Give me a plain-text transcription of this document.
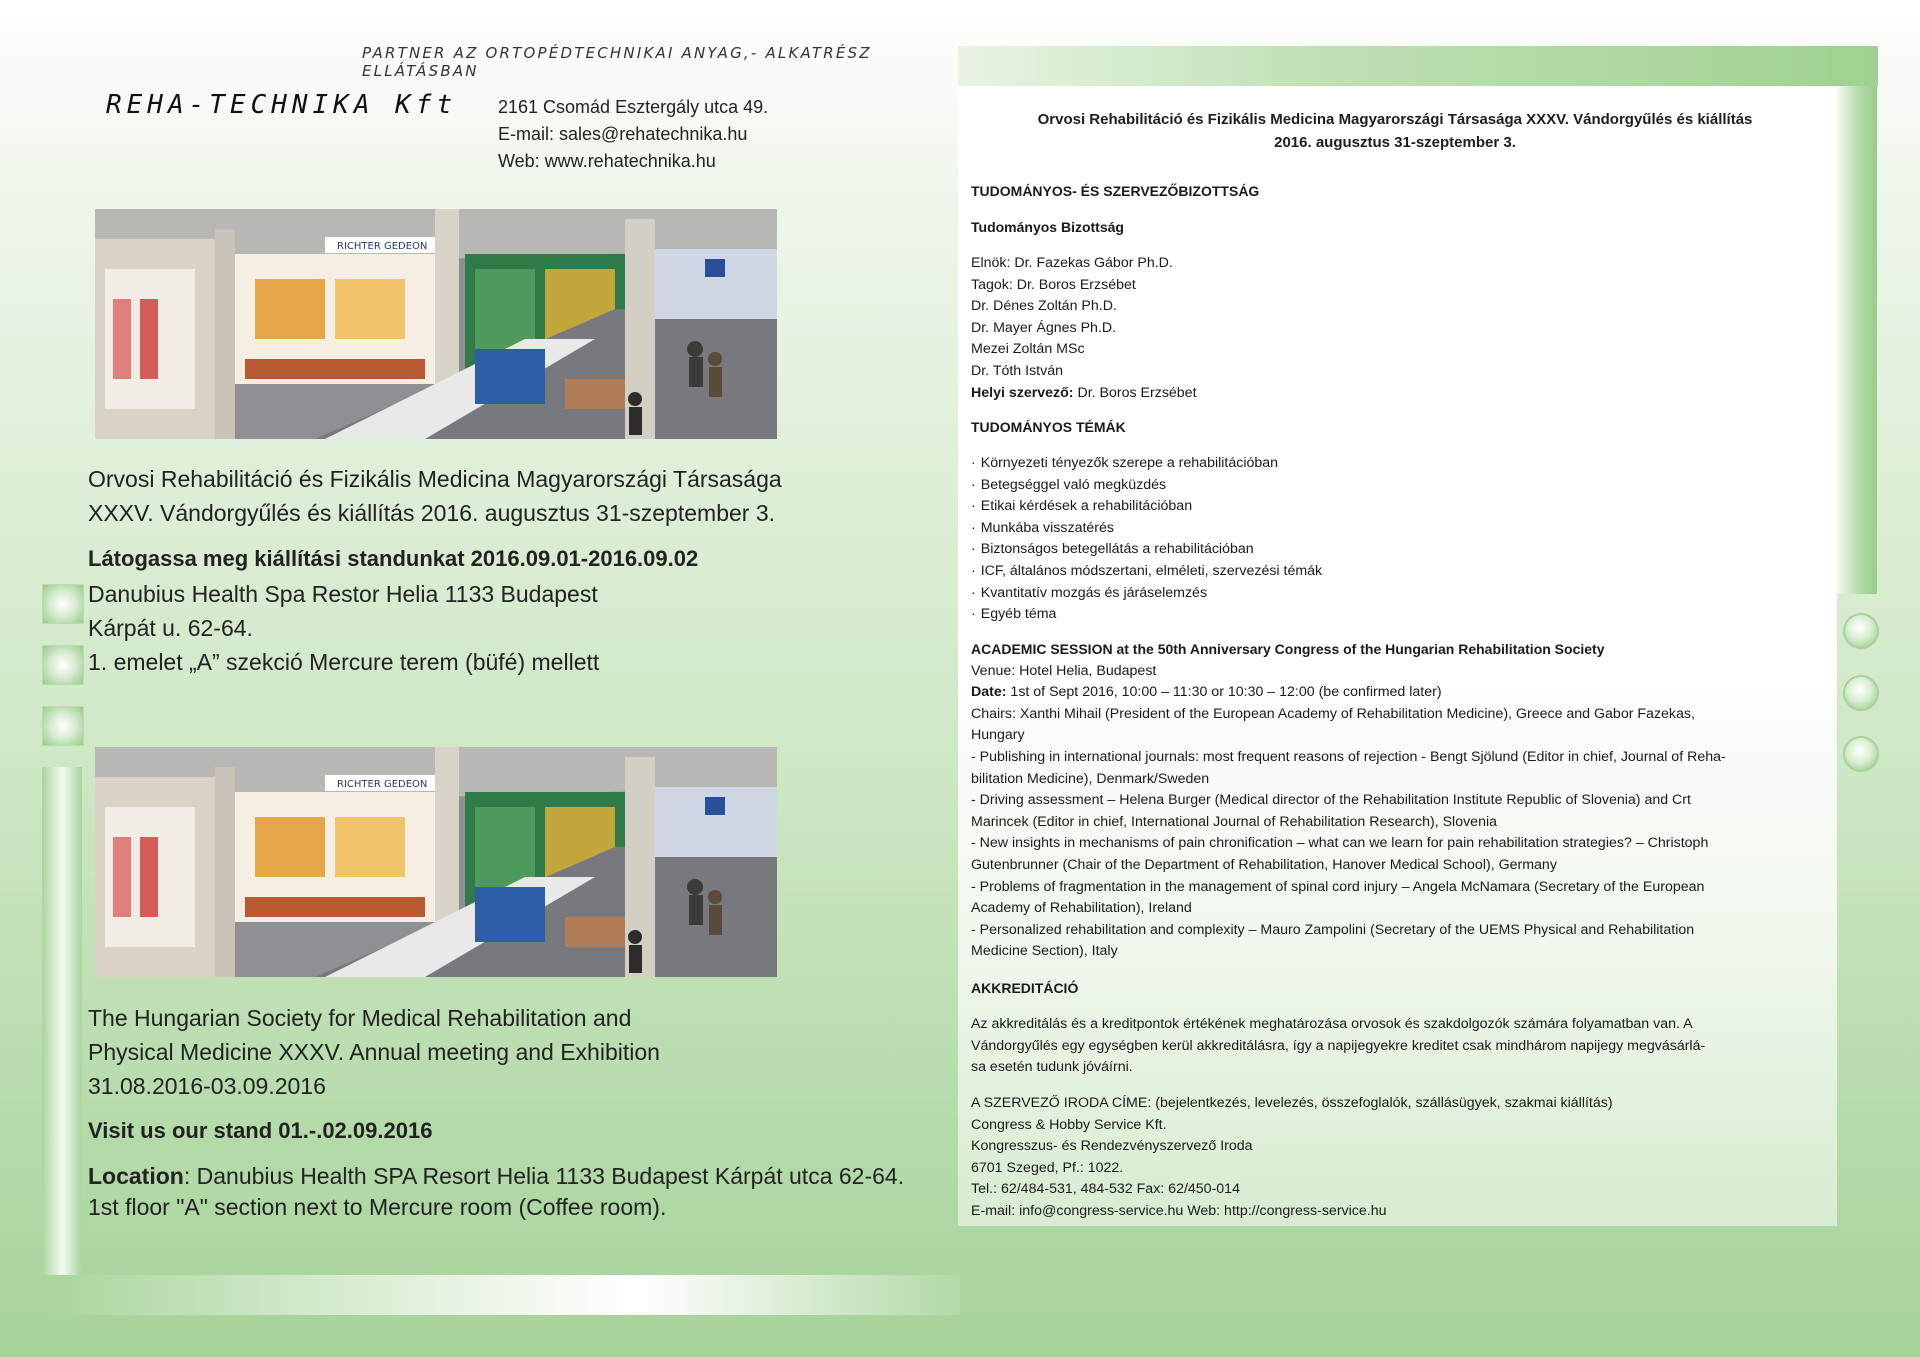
PARTNER AZ ORTOPÉDTECHNIKAI ANYAG,- ALKATRÉSZ ELLÁTÁSBAN
REHA-TECHNIKA Kft 2161 Csomád Esztergály utca 49.
E-mail: sales@rehatechnika.hu
Web: www.rehatechnika.hu
RICHTER GEDEON
Orvosi Rehabilitáció és Fizikális Medicina Magyarországi Társasága
XXXV. Vándorgyűlés és kiállítás 2016. augusztus 31-szeptember 3.
Látogassa meg kiállítási standunkat 2016.09.01-2016.09.02
Danubius Health Spa Restor Helia 1133 Budapest
Kárpát u. 62-64.
1. emelet „A” szekció Mercure terem (büfé) mellett
RICHTER GEDEON
The Hungarian Society for Medical Rehabilitation and
Physical Medicine XXXV. Annual meeting and Exhibition
31.08.2016-03.09.2016
Visit us our stand 01.-.02.09.2016
Location: Danubius Health SPA Resort Helia 1133 Budapest Kárpát utca 62-64.
1st floor "A" section next to Mercure room (Coffee room).
Orvosi Rehabilitáció és Fizikális Medicina Magyarországi Társasága XXXV. Vándorgyűlés és kiállítás
2016. augusztus 31-szeptember 3.
TUDOMÁNYOS- ÉS SZERVEZŐBIZOTTSÁG
Tudományos Bizottság
Elnök: Dr. Fazekas Gábor Ph.D.
Tagok: Dr. Boros Erzsébet
Dr. Dénes Zoltán Ph.D.
Dr. Mayer Ágnes Ph.D.
Mezei Zoltán MSc
Dr. Tóth István
Helyi szervező: Dr. Boros Erzsébet
TUDOMÁNYOS TÉMÁK
· Környezeti tényezők szerepe a rehabilitációban
· Betegséggel való megküzdés
· Etikai kérdések a rehabilitációban
· Munkába visszatérés
· Biztonságos betegellátás a rehabilitációban
· ICF, általános módszertani, elméleti, szervezési témák
· Kvantitatív mozgás és járáselemzés
· Egyéb téma
ACADEMIC SESSION at the 50th Anniversary Congress of the Hungarian Rehabilitation Society
Venue: Hotel Helia, Budapest
Date: 1st of Sept 2016, 10:00 – 11:30 or 10:30 – 12:00 (be confirmed later)
Chairs: Xanthi Mihail (President of the European Academy of Rehabilitation Medicine), Greece and Gabor Fazekas,
Hungary
- Publishing in international journals: most frequent reasons of rejection - Bengt Sjölund (Editor in chief, Journal of Reha-
bilitation Medicine), Denmark/Sweden
- Driving assessment – Helena Burger (Medical director of the Rehabilitation Institute Republic of Slovenia) and Crt
Marincek (Editor in chief, International Journal of Rehabilitation Research), Slovenia
- New insights in mechanisms of pain chronification – what can we learn for pain rehabilitation strategies? – Christoph
Gutenbrunner (Chair of the Department of Rehabilitation, Hanover Medical School), Germany
- Problems of fragmentation in the management of spinal cord injury – Angela McNamara (Secretary of the European
Academy of Rehabilitation), Ireland
- Personalized rehabilitation and complexity – Mauro Zampolini (Secretary of the UEMS Physical and Rehabilitation
Medicine Section), Italy
AKKREDITÁCIÓ
Az akkreditálás és a kreditpontok értékének meghatározása orvosok és szakdolgozók számára folyamatban van. A
Vándorgyűlés egy egységben kerül akkreditálásra, így a napijegyekre kreditet csak mindhárom napijegy megvásárlá-
sa esetén tudunk jóváírni.
A SZERVEZŐ IRODA CÍME: (bejelentkezés, levelezés, összefoglalók, szállásügyek, szakmai kiállítás)
Congress & Hobby Service Kft.
Kongresszus- és Rendezvényszervező Iroda
6701 Szeged, Pf.: 1022.
Tel.: 62/484-531, 484-532 Fax: 62/450-014
E-mail: info@congress-service.hu Web: http://congress-service.hu
